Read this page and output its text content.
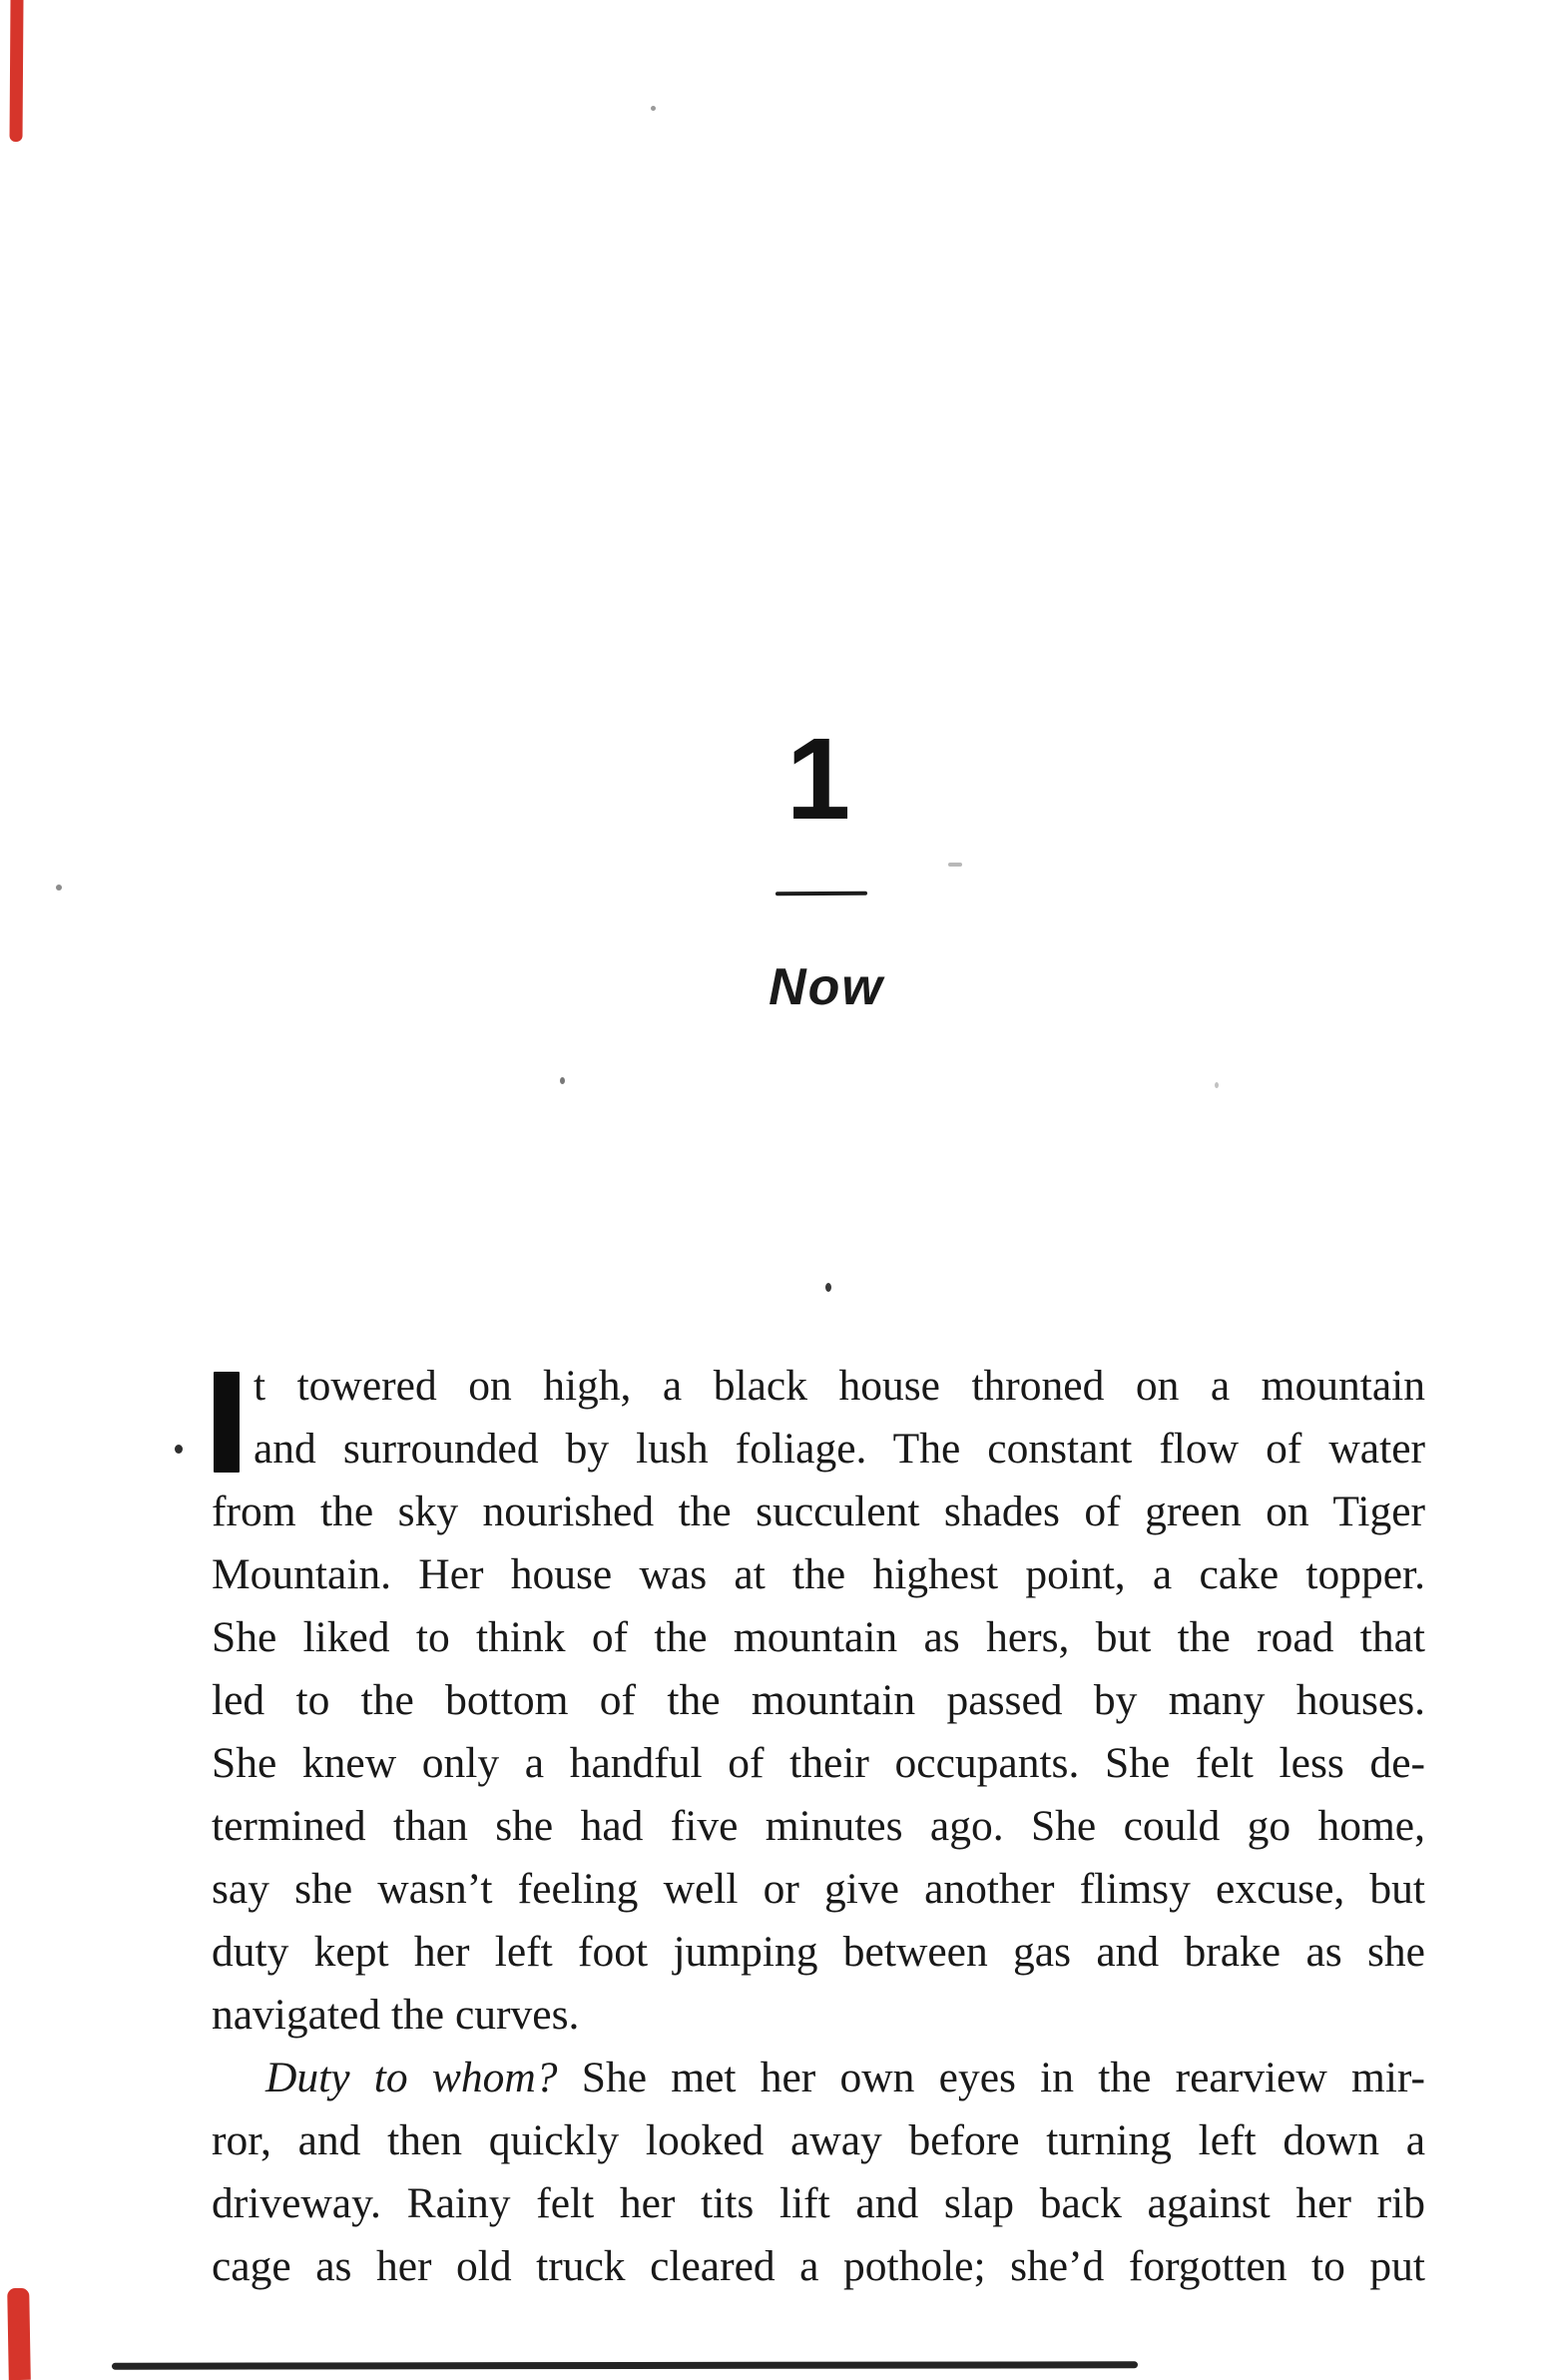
1
Now
t towered on high, a black house throned on a mountain
and surrounded by lush foliage. The constant flow of water
from the sky nourished the succulent shades of green on Tiger
Mountain. Her house was at the highest point, a cake topper.
She liked to think of the mountain as hers, but the road that
led to the bottom of the mountain passed by many houses.
She knew only a handful of their occupants. She felt less de-
termined than she had five minutes ago. She could go home,
say she wasn’t feeling well or give another flimsy excuse, but
duty kept her left foot jumping between gas and brake as she
navigated the curves.
Duty to whom? She met her own eyes in the rearview mir-
ror, and then quickly looked away before turning left down a
driveway. Rainy felt her tits lift and slap back against her rib
cage as her old truck cleared a pothole; she’d forgotten to put
